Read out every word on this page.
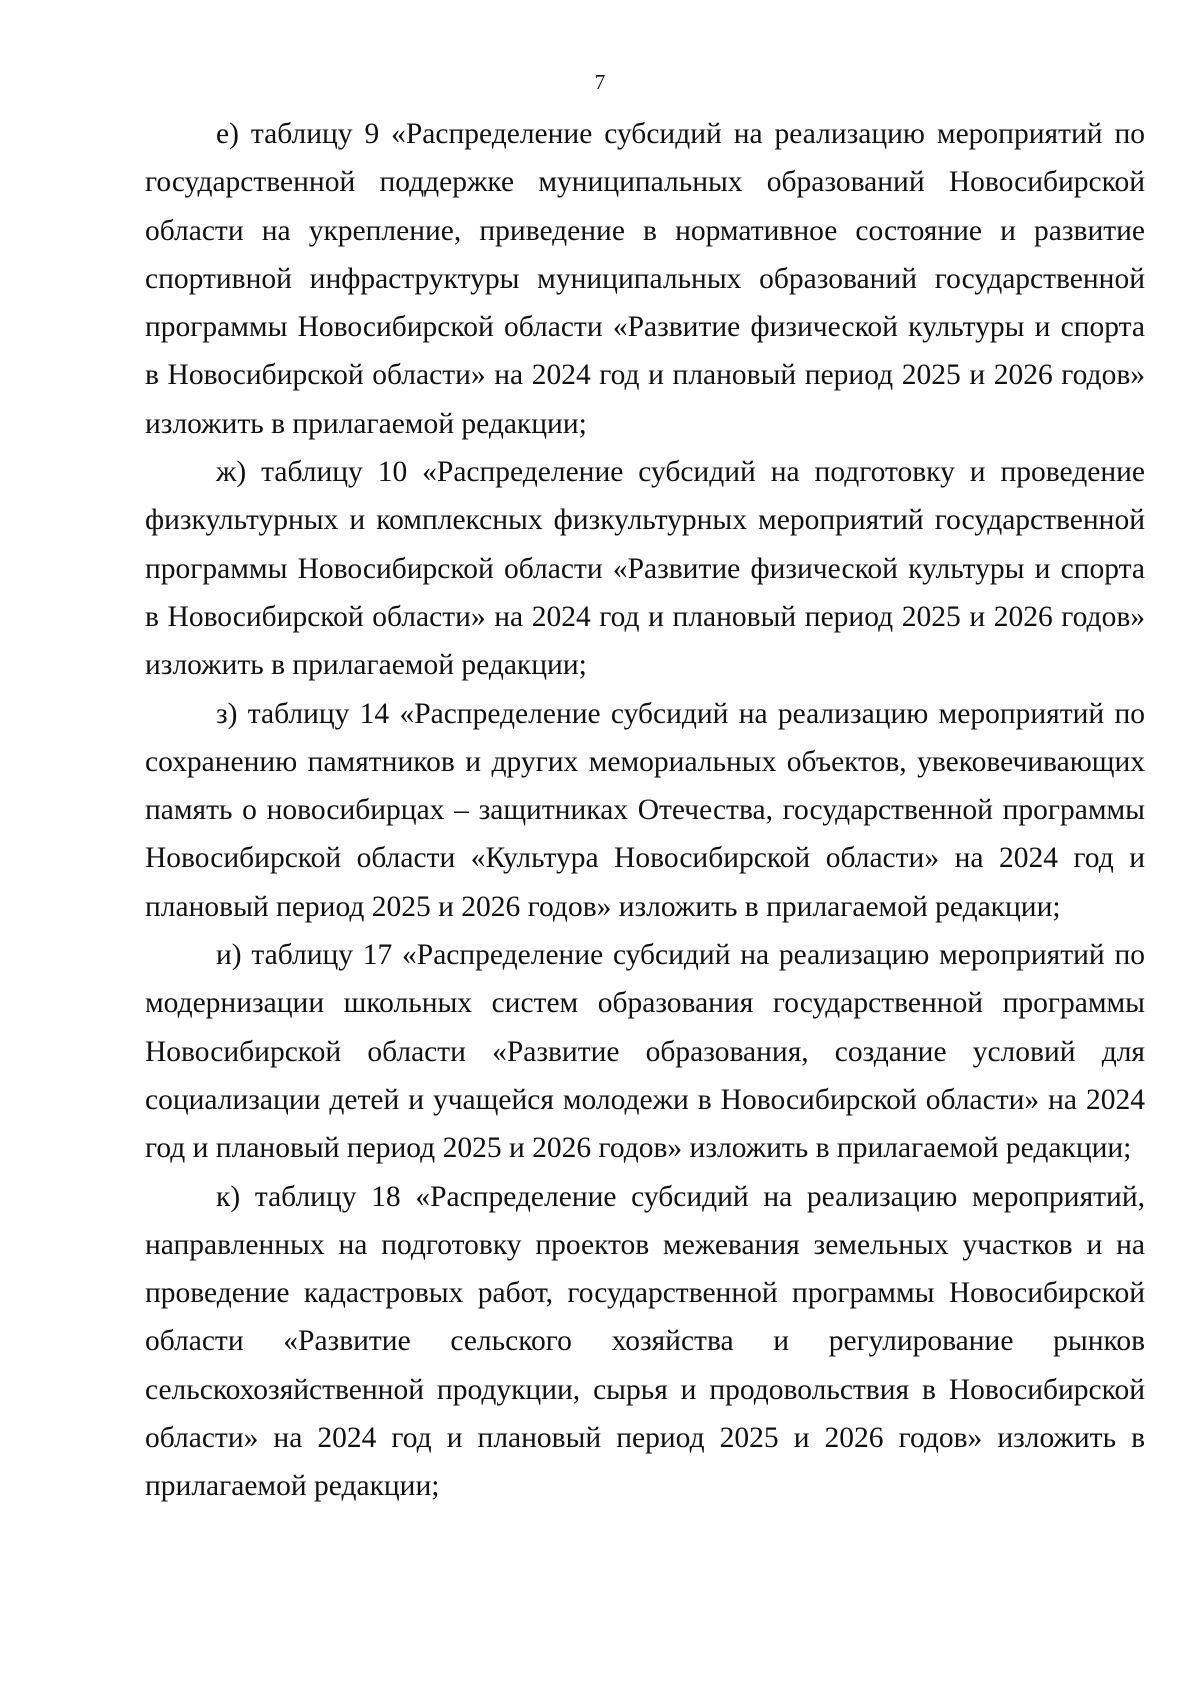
7

е) таблицу 9 «Распределение субсидий на реализацию мероприятий по государственной поддержке муниципальных образований Новосибирской области на укрепление, приведение в нормативное состояние и развитие спортивной инфраструктуры муниципальных образований государственной программы Новосибирской области «Развитие физической культуры и спорта в Новосибирской области» на 2024 год и плановый период 2025 и 2026 годов» изложить в прилагаемой редакции;

ж) таблицу 10 «Распределение субсидий на подготовку и проведение физкультурных и комплексных физкультурных мероприятий государственной программы Новосибирской области «Развитие физической культуры и спорта в Новосибирской области» на 2024 год и плановый период 2025 и 2026 годов» изложить в прилагаемой редакции;

з) таблицу 14 «Распределение субсидий на реализацию мероприятий по сохранению памятников и других мемориальных объектов, увековечивающих память о новосибирцах – защитниках Отечества, государственной программы Новосибирской области «Культура Новосибирской области» на 2024 год и плановый период 2025 и 2026 годов» изложить в прилагаемой редакции;

и) таблицу 17 «Распределение субсидий на реализацию мероприятий по модернизации школьных систем образования государственной программы Новосибирской области «Развитие образования, создание условий для социализации детей и учащейся молодежи в Новосибирской области» на 2024 год и плановый период 2025 и 2026 годов» изложить в прилагаемой редакции;

к) таблицу 18 «Распределение субсидий на реализацию мероприятий, направленных на подготовку проектов межевания земельных участков и на проведение кадастровых работ, государственной программы Новосибирской области «Развитие сельского хозяйства и регулирование рынков сельскохозяйственной продукции, сырья и продовольствия в Новосибирской области» на 2024 год и плановый период 2025 и 2026 годов» изложить в прилагаемой редакции;
